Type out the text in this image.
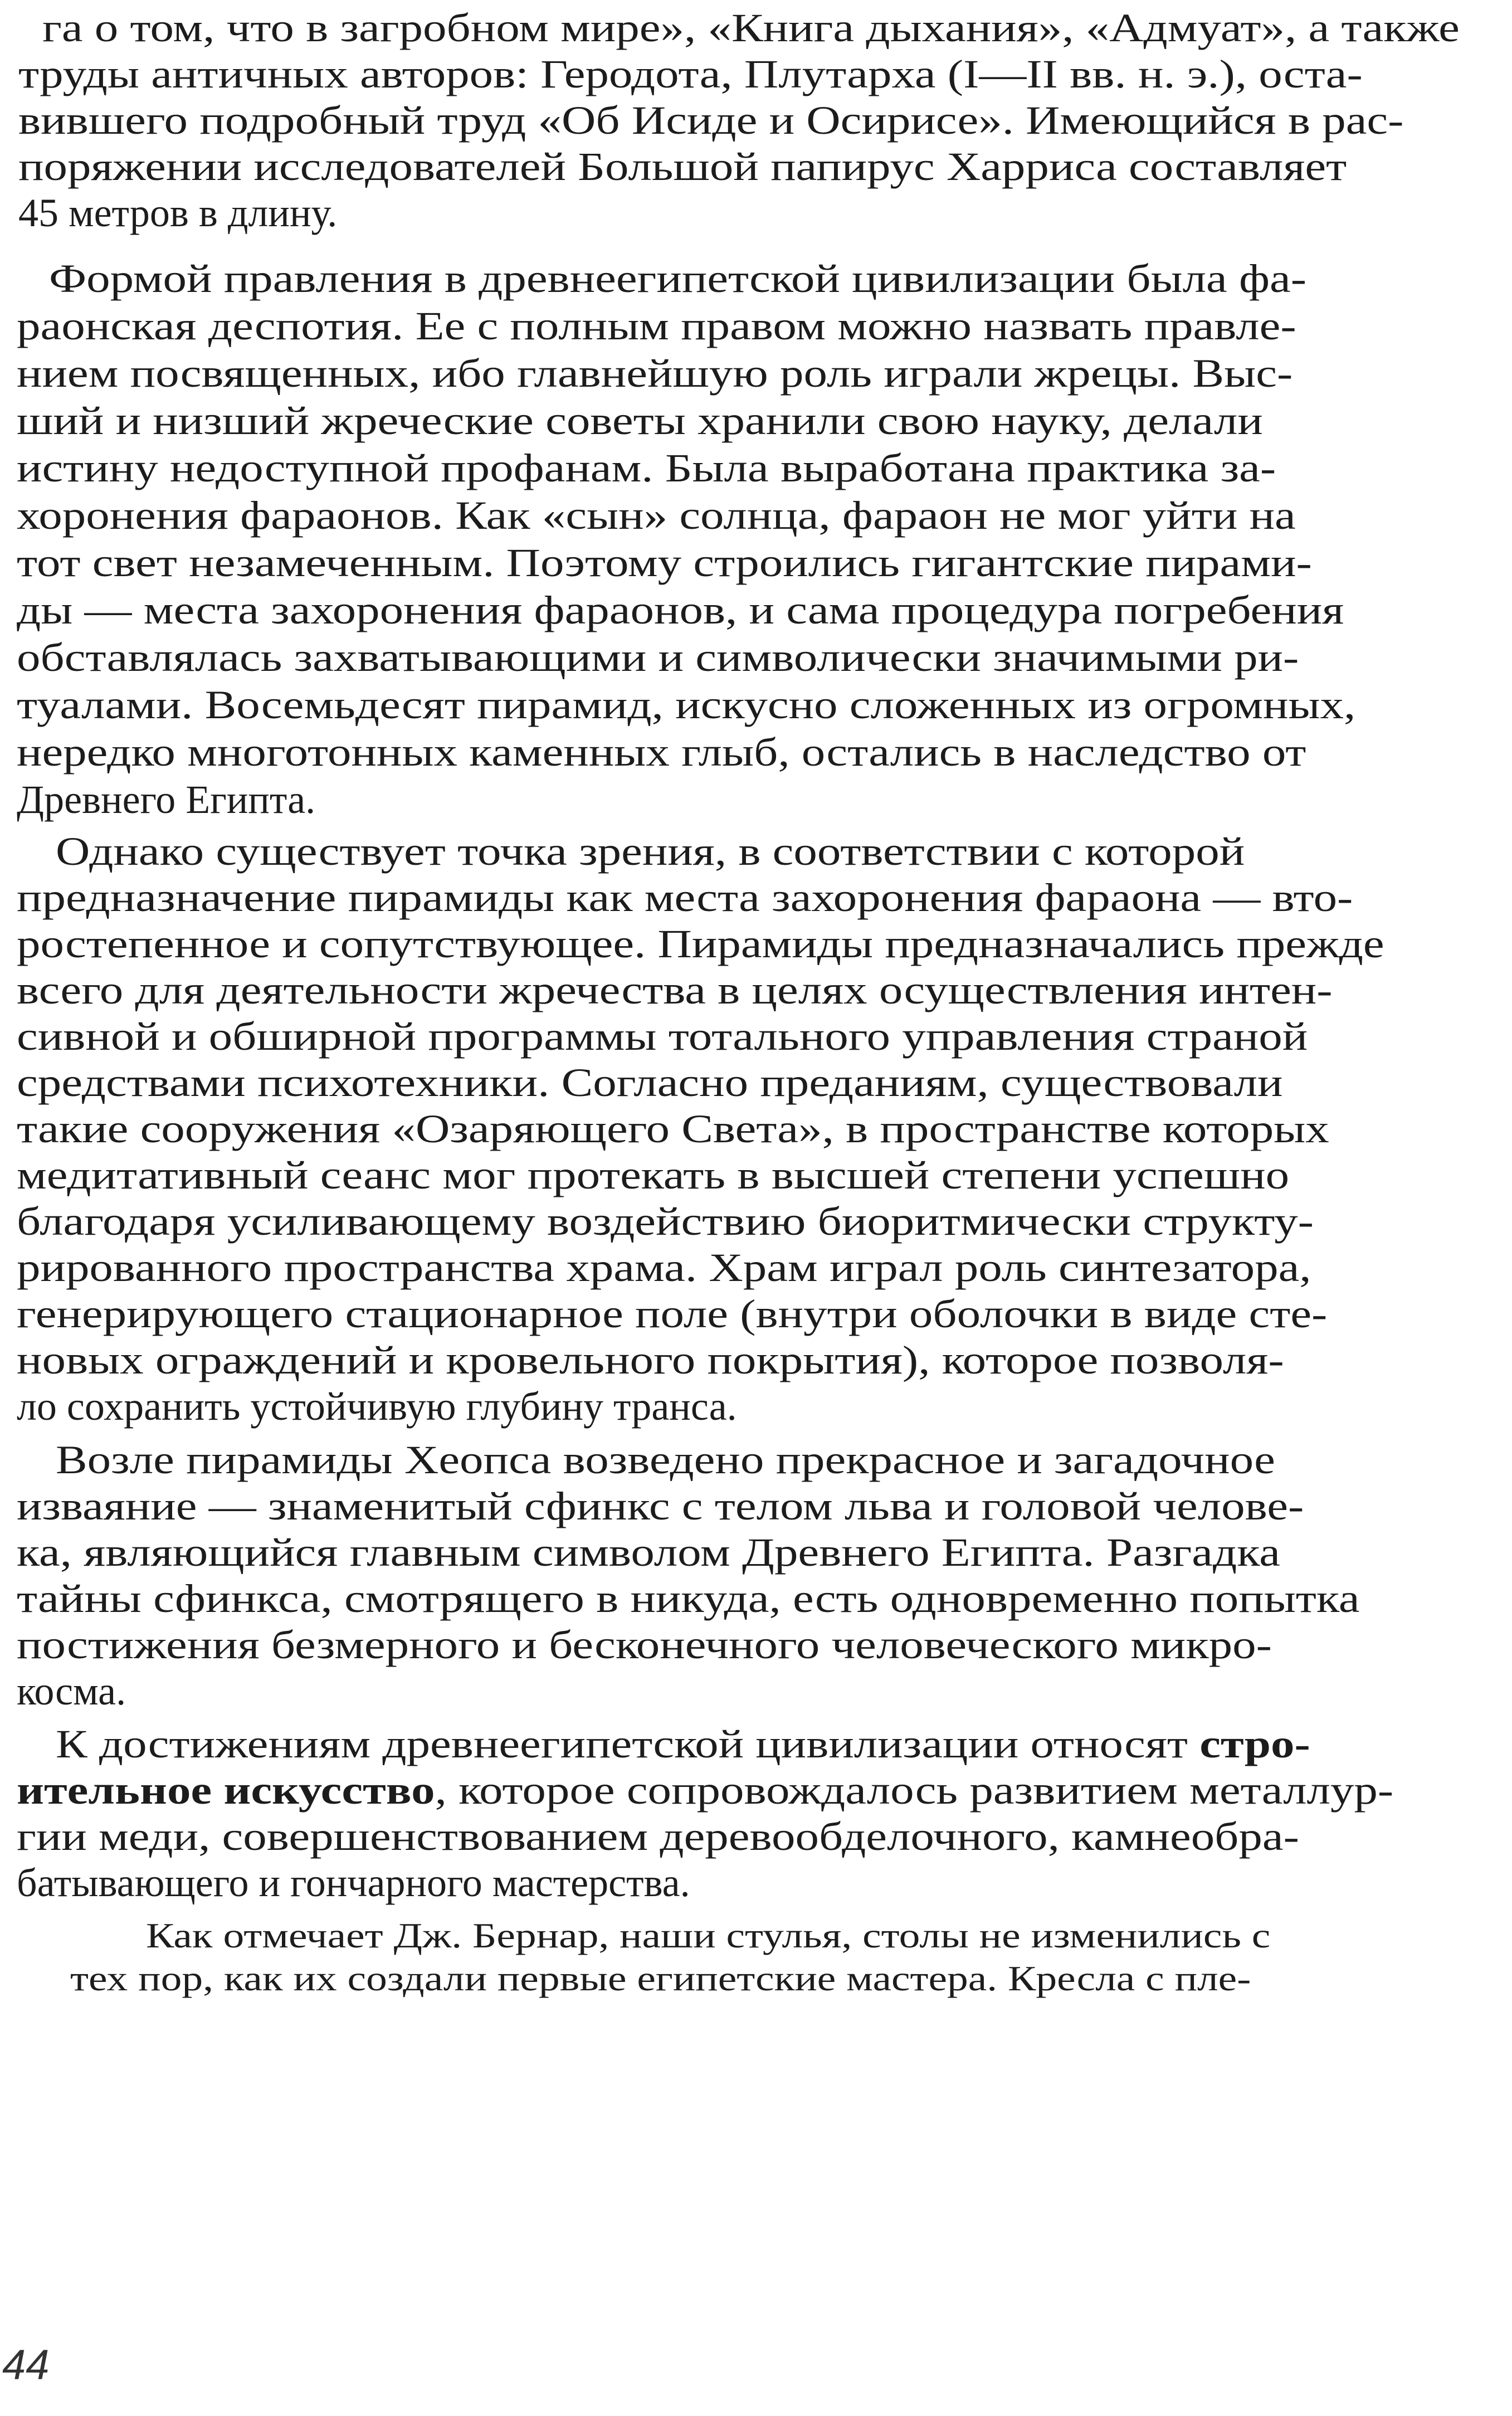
га о том, что в загробном мире», «Книга дыхания», «Адмуат», а также
труды античных авторов: Геродота, Плутарха (I—II вв. н. э.), оста-
вившего подробный труд «Об Исиде и Осирисе». Имеющийся в рас-
поряжении исследователей Большой папирус Харриса составляет
45 метров в длину.
Формой правления в древнеегипетской цивилизации была фа-
раонская деспотия. Ее с полным правом можно назвать правле-
нием посвященных, ибо главнейшую роль играли жрецы. Выс-
ший и низший жреческие советы хранили свою науку, делали
истину недоступной профанам. Была выработана практика за-
хоронения фараонов. Как «сын» солнца, фараон не мог уйти на
тот свет незамеченным. Поэтому строились гигантские пирами-
ды — места захоронения фараонов, и сама процедура погребения
обставлялась захватывающими и символически значимыми ри-
туалами. Восемьдесят пирамид, искусно сложенных из огромных,
нередко многотонных каменных глыб, остались в наследство от
Древнего Египта.
Однако существует точка зрения, в соответствии с которой
предназначение пирамиды как места захоронения фараона — вто-
ростепенное и сопутствующее. Пирамиды предназначались прежде
всего для деятельности жречества в целях осуществления интен-
сивной и обширной программы тотального управления страной
средствами психотехники. Согласно преданиям, существовали
такие сооружения «Озаряющего Света», в пространстве которых
медитативный сеанс мог протекать в высшей степени успешно
благодаря усиливающему воздействию биоритмически структу-
рированного пространства храма. Храм играл роль синтезатора,
генерирующего стационарное поле (внутри оболочки в виде сте-
новых ограждений и кровельного покрытия), которое позволя-
ло сохранить устойчивую глубину транса.
Возле пирамиды Хеопса возведено прекрасное и загадочное
изваяние — знаменитый сфинкс с телом льва и головой челове-
ка, являющийся главным символом Древнего Египта. Разгадка
тайны сфинкса, смотрящего в никуда, есть одновременно попытка
постижения безмерного и бесконечного человеческого микро-
косма.
К достижениям древнеегипетской цивилизации относят стро-
ительное искусство, которое сопровождалось развитием металлур-
гии меди, совершенствованием деревообделочного, камнеобра-
батывающего и гончарного мастерства.
Как отмечает Дж. Бернар, наши стулья, столы не изменились с
тех пор, как их создали первые египетские мастера. Кресла с пле-
44
